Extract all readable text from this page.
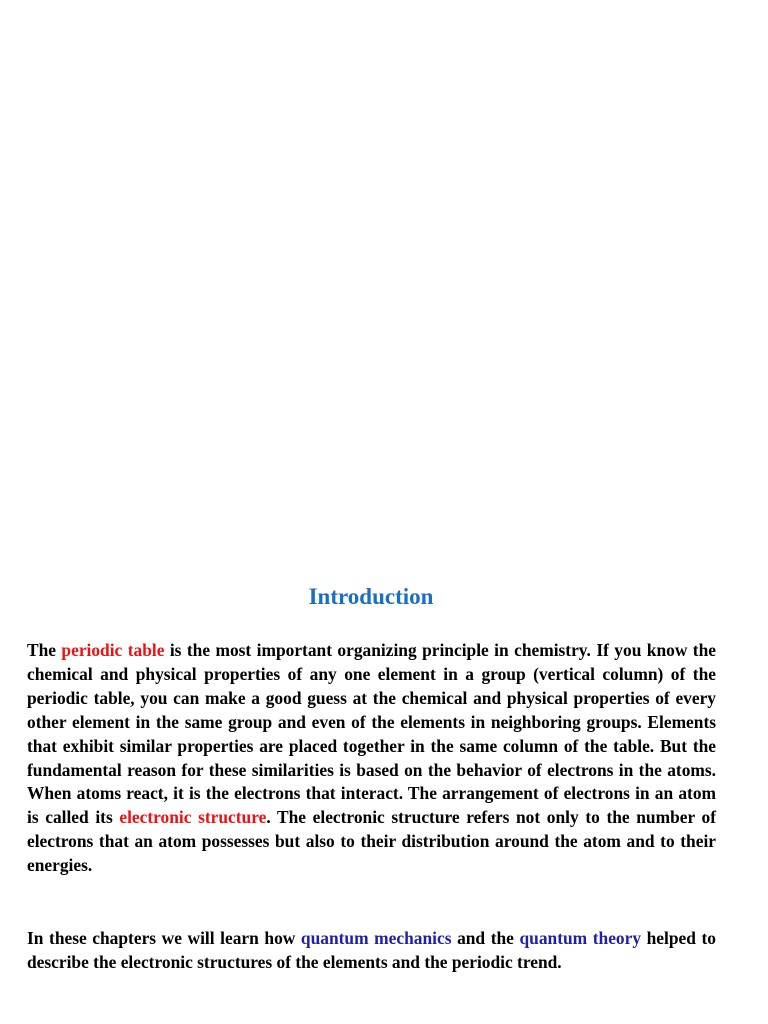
Introduction

The periodic table is the most important organizing principle in chemistry. If you know the chemical and physical properties of any one element in a group (vertical column) of the periodic table, you can make a good guess at the chemical and physical properties of every other element in the same group and even of the elements in neighboring groups. Elements that exhibit similar properties are placed together in the same column of the table. But the fundamental reason for these similarities is based on the behavior of electrons in the atoms. When atoms react, it is the electrons that interact. The arrangement of electrons in an atom is called its electronic structure. The electronic structure refers not only to the number of electrons that an atom possesses but also to their distribution around the atom and to their energies.

In these chapters we will learn how quantum mechanics and the quantum theory helped to describe the electronic structures of the elements and the periodic trend.
